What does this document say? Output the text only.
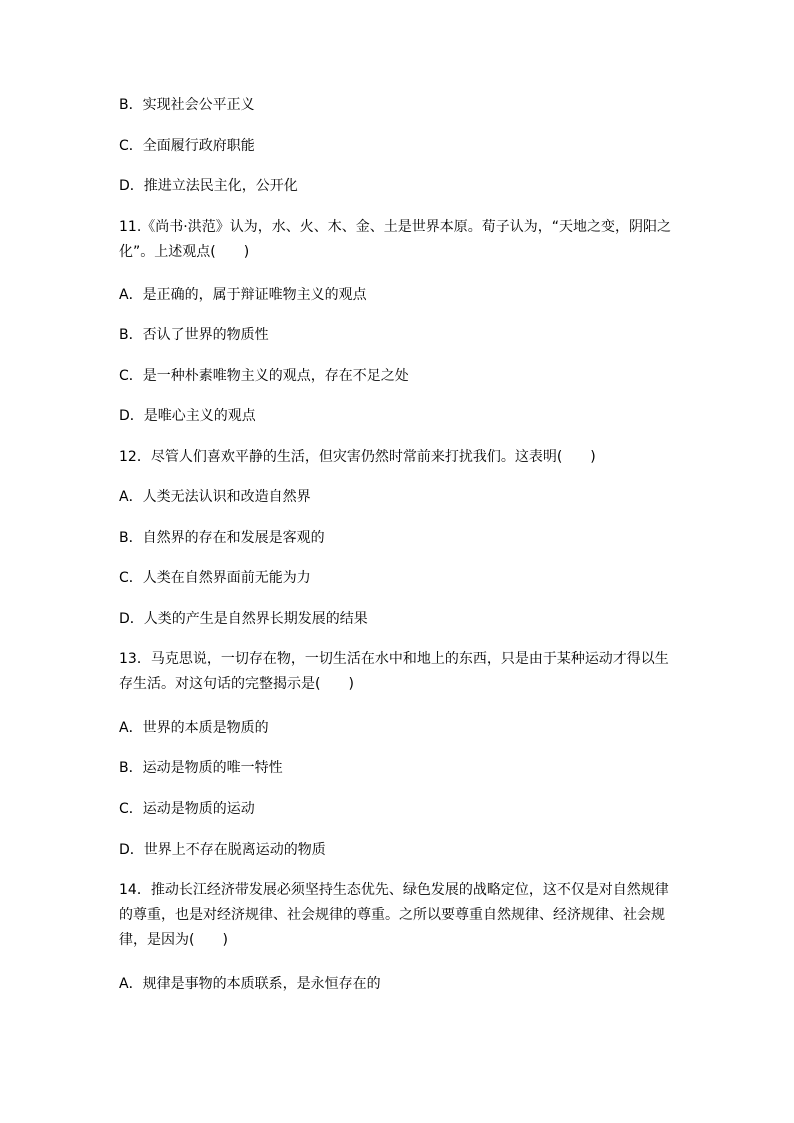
B．实现社会公平正义
C．全面履行政府职能
D．推进立法民主化，公开化
11.《尚书·洪范》认为，水、火、木、金、土是世界本原。荀子认为，“天地之变，阴阳之化”。上述观点(　　)
A．是正确的，属于辩证唯物主义的观点
B．否认了世界的物质性
C．是一种朴素唯物主义的观点，存在不足之处
D．是唯心主义的观点
12．尽管人们喜欢平静的生活，但灾害仍然时常前来打扰我们。这表明(　　)
A．人类无法认识和改造自然界
B．自然界的存在和发展是客观的
C．人类在自然界面前无能为力
D．人类的产生是自然界长期发展的结果
13．马克思说，一切存在物，一切生活在水中和地上的东西，只是由于某种运动才得以生存生活。对这句话的完整揭示是(　　)
A．世界的本质是物质的
B．运动是物质的唯一特性
C．运动是物质的运动
D．世界上不存在脱离运动的物质
14．推动长江经济带发展必须坚持生态优先、绿色发展的战略定位，这不仅是对自然规律的尊重，也是对经济规律、社会规律的尊重。之所以要尊重自然规律、经济规律、社会规律，是因为(　　)
A．规律是事物的本质联系，是永恒存在的
